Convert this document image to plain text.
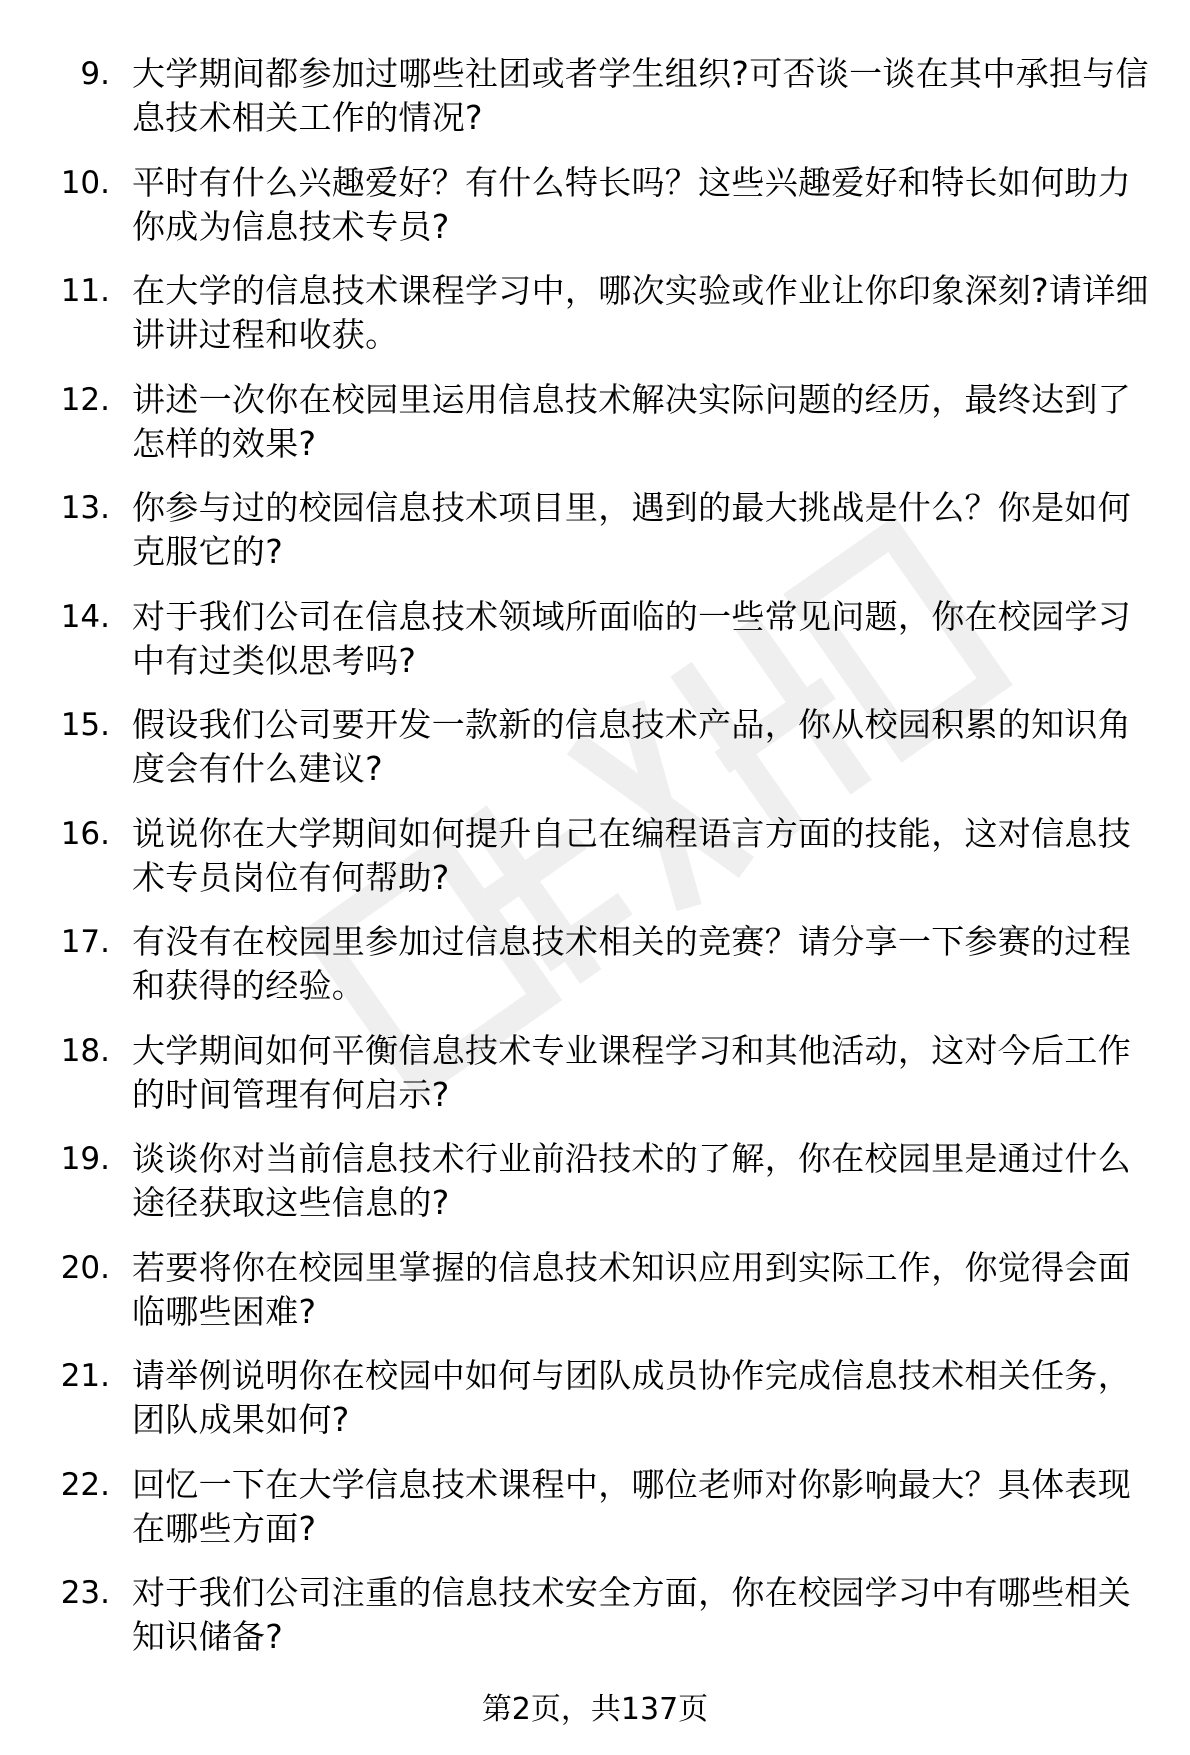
9. 大学期间都参加过哪些社团或者学生组织?可否谈一谈在其中承担与信息技术相关工作的情况?
10. 平时有什么兴趣爱好？有什么特长吗？这些兴趣爱好和特长如何助力你成为信息技术专员?
11. 在大学的信息技术课程学习中，哪次实验或作业让你印象深刻?请详细讲讲过程和收获。
12. 讲述一次你在校园里运用信息技术解决实际问题的经历，最终达到了怎样的效果?
13. 你参与过的校园信息技术项目里，遇到的最大挑战是什么？你是如何克服它的?
14. 对于我们公司在信息技术领域所面临的一些常见问题，你在校园学习中有过类似思考吗?
15. 假设我们公司要开发一款新的信息技术产品，你从校园积累的知识角度会有什么建议?
16. 说说你在大学期间如何提升自己在编程语言方面的技能，这对信息技术专员岗位有何帮助?
17. 有没有在校园里参加过信息技术相关的竞赛？请分享一下参赛的过程和获得的经验。
18. 大学期间如何平衡信息技术专业课程学习和其他活动，这对今后工作的时间管理有何启示?
19. 谈谈你对当前信息技术行业前沿技术的了解，你在校园里是通过什么途径获取这些信息的?
20. 若要将你在校园里掌握的信息技术知识应用到实际工作，你觉得会面临哪些困难?
21. 请举例说明你在校园中如何与团队成员协作完成信息技术相关任务，团队成果如何?
22. 回忆一下在大学信息技术课程中，哪位老师对你影响最大？具体表现在哪些方面?
23. 对于我们公司注重的信息技术安全方面，你在校园学习中有哪些相关知识储备?
第2页，共137页
